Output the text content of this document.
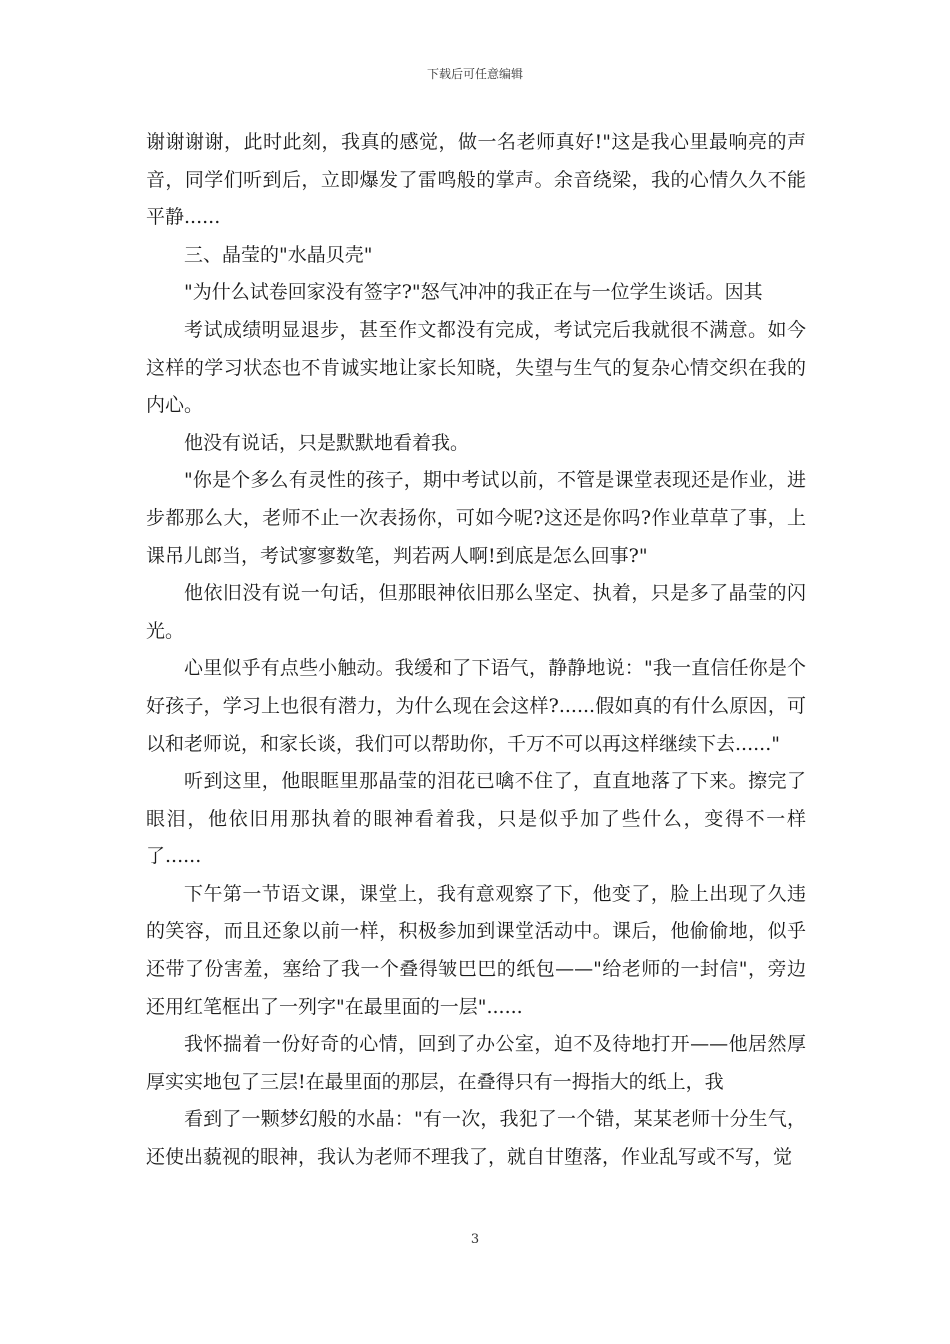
下载后可任意编辑

谢谢谢谢，此时此刻，我真的感觉，做一名老师真好!"这是我心里最响亮的声音，同学们听到后，立即爆发了雷鸣般的掌声。余音绕梁，我的心情久久不能平静......

三、晶莹的"水晶贝壳"

"为什么试卷回家没有签字?"怒气冲冲的我正在与一位学生谈话。因其

考试成绩明显退步，甚至作文都没有完成，考试完后我就很不满意。如今这样的学习状态也不肯诚实地让家长知晓，失望与生气的复杂心情交织在我的内心。

他没有说话，只是默默地看着我。

"你是个多么有灵性的孩子，期中考试以前，不管是课堂表现还是作业，进步都那么大，老师不止一次表扬你，可如今呢?这还是你吗?作业草草了事，上课吊儿郎当，考试寥寥数笔，判若两人啊!到底是怎么回事?"

他依旧没有说一句话，但那眼神依旧那么坚定、执着，只是多了晶莹的闪光。

心里似乎有点些小触动。我缓和了下语气，静静地说："我一直信任你是个好孩子，学习上也很有潜力，为什么现在会这样?......假如真的有什么原因，可以和老师说，和家长谈，我们可以帮助你，千万不可以再这样继续下去......"

听到这里，他眼眶里那晶莹的泪花已噙不住了，直直地落了下来。擦完了眼泪，他依旧用那执着的眼神看着我，只是似乎加了些什么，变得不一样了......

下午第一节语文课，课堂上，我有意观察了下，他变了，脸上出现了久违的笑容，而且还象以前一样，积极参加到课堂活动中。课后，他偷偷地，似乎还带了份害羞，塞给了我一个叠得皱巴巴的纸包——"给老师的一封信"，旁边还用红笔框出了一列字"在最里面的一层"......

我怀揣着一份好奇的心情，回到了办公室，迫不及待地打开——他居然厚厚实实地包了三层!在最里面的那层，在叠得只有一拇指大的纸上，我

看到了一颗梦幻般的水晶："有一次，我犯了一个错，某某老师十分生气，还使出藐视的眼神，我认为老师不理我了，就自甘堕落，作业乱写或不写，觉

3
